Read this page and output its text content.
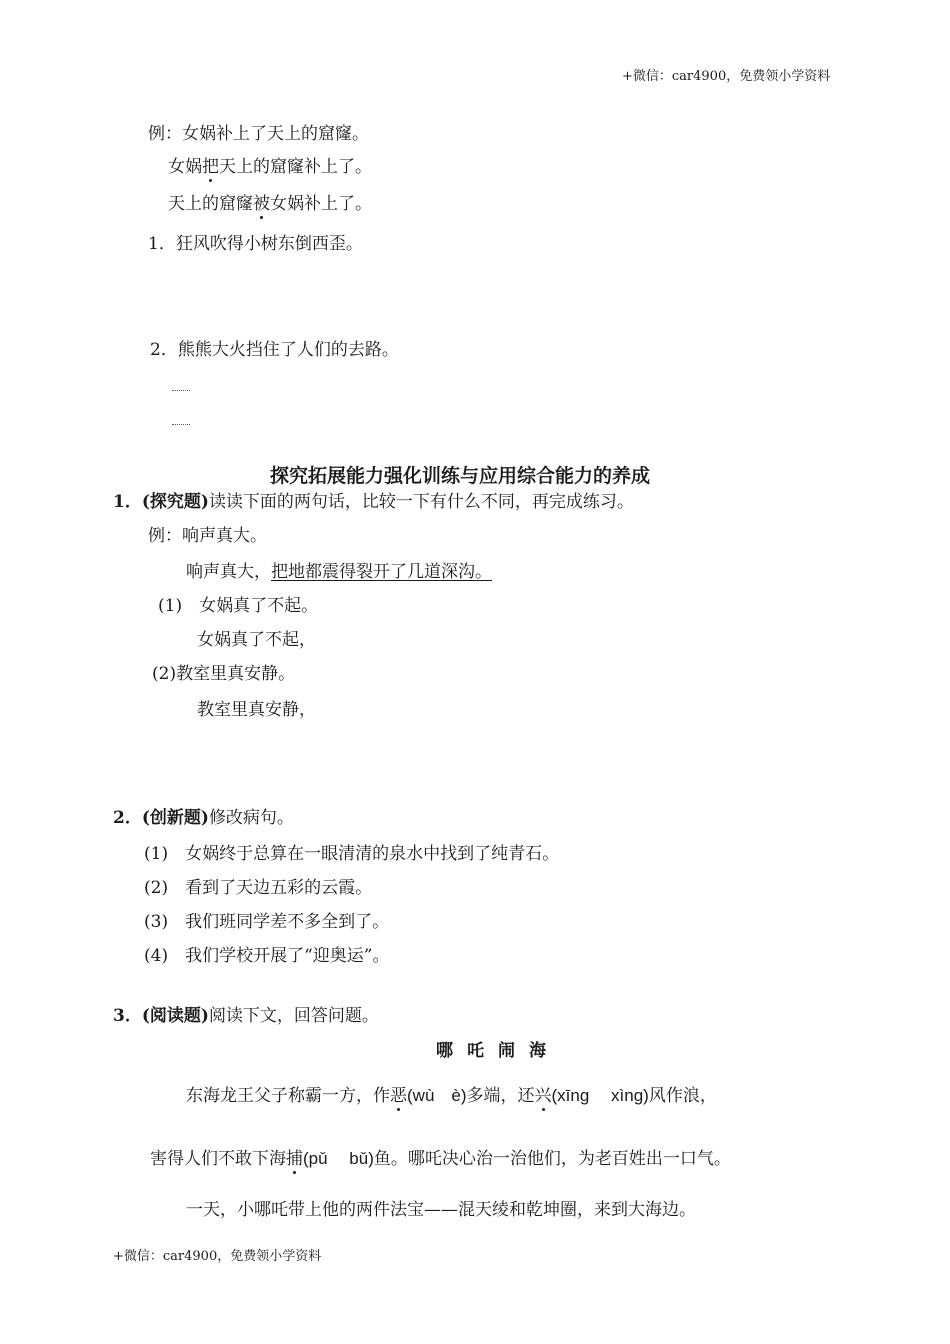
+微信：car4900，免费领小学资料
例：女娲补上了天上的窟窿。
女娲把天上的窟窿补上了。
天上的窟窿被女娲补上了。
1．狂风吹得小树东倒西歪。
2．熊熊大火挡住了人们的去路。
探究拓展能力强化训练与应用综合能力的养成
1．(探究题)读读下面的两句话，比较一下有什么不同，再完成练习。
例：响声真大。
响声真大，把地都震得裂开了几道深沟。
(1)　女娲真了不起。
女娲真了不起，
(2)教室里真安静。
教室里真安静，
2．(创新题)修改病句。
(1)　女娲终于总算在一眼清清的泉水中找到了纯青石。
(2)　看到了天边五彩的云霞。
(3)　我们班同学差不多全到了。
(4)　我们学校开展了“迎奥运”。
3．(阅读题)阅读下文，回答问题。
哪吒闹海
东海龙王父子称霸一方，作恶(wù　è)多端，还兴(xīng　 xìng)风作浪，
害得人们不敢下海捕(pǔ　 bǔ)鱼。哪吒决心治一治他们，为老百姓出一口气。
一天，小哪吒带上他的两件法宝——混天绫和乾坤圈，来到大海边。
+微信：car4900，免费领小学资料
